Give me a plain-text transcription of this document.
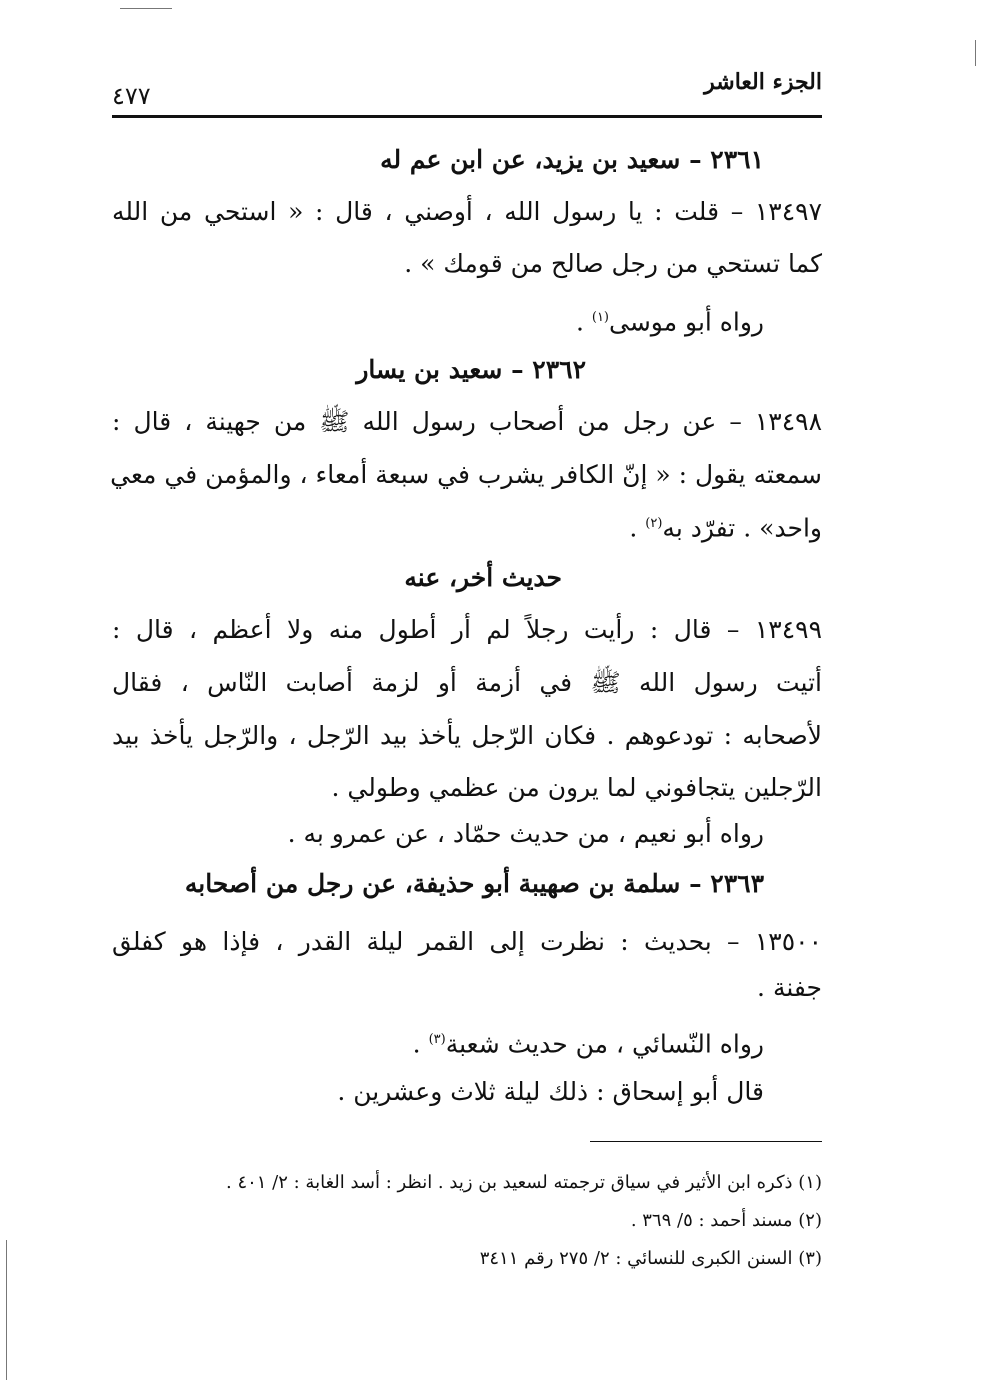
الجزء العاشر

٤٧٧

٢٣٦١ – سعيد بن يزيد، عن ابن عم له

١٣٤٩٧ – قلت : يا رسول الله ، أوصني ، قال : « استحي من الله

كما تستحي من رجل صالح من قومك » .

رواه أبو موسى$^{(١)}$ .

٢٣٦٢ – سعيد بن يسار

١٣٤٩٨ – عن رجل من أصحاب رسول الله ﷺ من جهينة ، قال :

سمعته يقول : « إنّ الكافر يشرب في سبعة أمعاء ، والمؤمن في معي

واحد» . تفرّد به$^{(٢)}$ .

حديث أخر، عنه

١٣٤٩٩ – قال : رأيت رجلاً لم أر أطول منه ولا أعظم ، قال :

أتيت رسول الله ﷺ في أزمة أو لزمة أصابت النّاس ، فقال

لأصحابه : تودعوهم . فكان الرّجل يأخذ بيد الرّجل ، والرّجل يأخذ بيد

الرّجلين يتجافوني لما يرون من عظمي وطولي .

رواه أبو نعيم ، من حديث حمّاد ، عن عمرو به .

٢٣٦٣ – سلمة بن صهيبة أبو حذيفة، عن رجل من أصحابه

١٣٥٠٠ – بحديث : نظرت إلى القمر ليلة القدر ، فإذا هو كفلق

جفنة .

رواه النّسائي ، من حديث شعبة$^{(٣)}$ .

قال أبو إسحاق : ذلك ليلة ثلاث وعشرين .

(١) ذكره ابن الأثير في سياق ترجمته لسعيد بن زيد . انظر : أسد الغابة : ٢/ ٤٠١ .

(٢) مسند أحمد : ٥/ ٣٦٩ .

(٣) السنن الكبرى للنسائي : ٢/ ٢٧٥ رقم ٣٤١١
